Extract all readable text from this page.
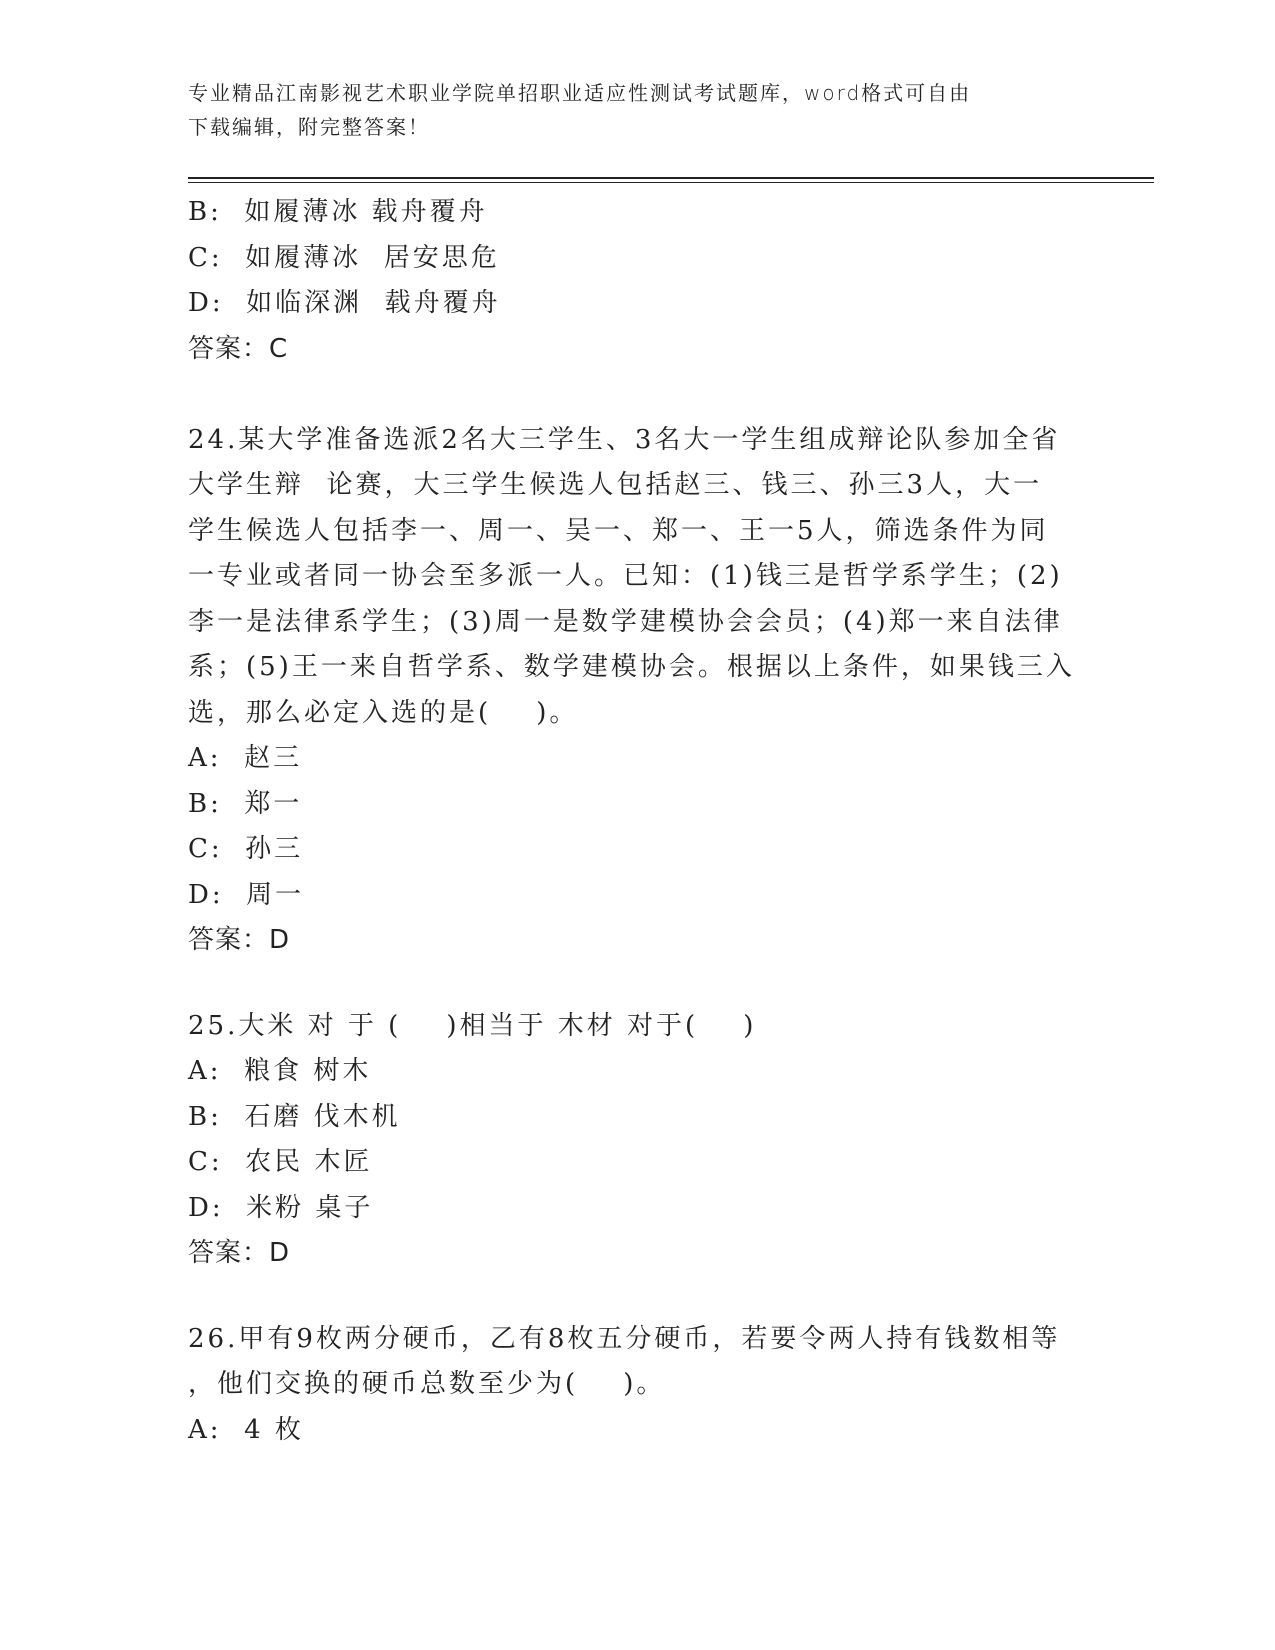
专业精品江南影视艺术职业学院单招职业适应性测试考试题库，word格式可自由
下载编辑，附完整答案！
B:  如履薄冰 载舟覆舟
C:  如履薄冰  居安思危
D:  如临深渊  载舟覆舟
答案：C
24.某大学准备选派2名大三学生、3名大一学生组成辩论队参加全省
大学生辩  论赛，大三学生候选人包括赵三、钱三、孙三3人，大一
学生候选人包括李一、周一、吴一、郑一、王一5人，筛选条件为同
一专业或者同一协会至多派一人。已知：(1)钱三是哲学系学生；(2)
李一是法律系学生；(3)周一是数学建模协会会员；(4)郑一来自法律
系；(5)王一来自哲学系、数学建模协会。根据以上条件，如果钱三入
选，那么必定入选的是(    )。
A:  赵三
B:  郑一
C:  孙三
D:  周一
答案：D
25.大米 对 于 (    )相当于 木材 对于(    )
A:  粮食 树木
B:  石磨 伐木机
C:  农民 木匠
D:  米粉 桌子
答案：D
26.甲有9枚两分硬币，乙有8枚五分硬币，若要令两人持有钱数相等
，他们交换的硬币总数至少为(    )。
A:  4 枚
